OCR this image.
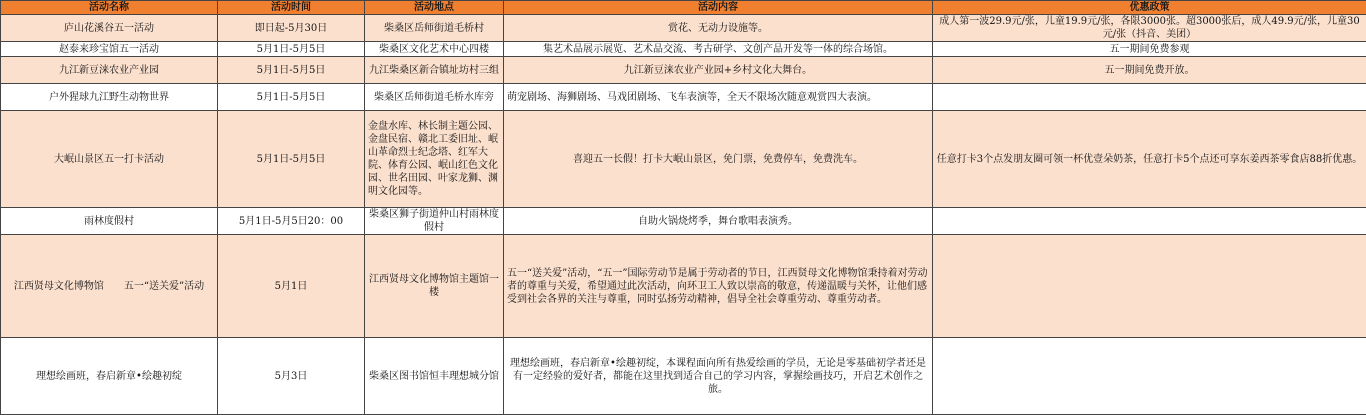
活动名称	活动时间	活动地点	活动内容	优惠政策
庐山花溪谷五一活动	即日起-5月30日	柴桑区岳师街道毛桥村	赏花、无动力设施等。	成人第一波29.9元/张，儿童19.9元/张，各限3000张。超3000张后，成人49.9元/张，儿童30元/张（抖音、美团）
赵泰来珍宝馆五一活动	5月1日-5月5日	柴桑区文化艺术中心四楼	集艺术品展示展览、艺术品交流、考古研学、文创产品开发等一体的综合场馆。	五一期间免费参观
九江新豆涞农业产业园	5月1日-5月5日	九江柴桑区新合镇址坊村三组	九江新豆涞农业产业园+乡村文化大舞台。	五一期间免费开放。
户外猩球九江野生动物世界	5月1日-5月5日	柴桑区岳师街道毛桥水库旁	萌宠剧场、海狮剧场、马戏团剧场、飞车表演等，全天不限场次随意观赏四大表演。	
大岷山景区五一打卡活动	5月1日-5月5日	金盘水库、林长制主题公园、金盘民宿、赣北工委旧址、岷山革命烈士纪念塔、红军大院、体育公园、岷山红色文化园、世名田园、叶家龙狮、渊明文化园等。	喜迎五一长假！打卡大岷山景区，免门票，免费停车，免费洗车。	任意打卡3个点发朋友圈可领一杯优壹朵奶茶，任意打卡5个点还可享东姜西茶零食店88折优惠。
雨林度假村	5月1日-5月5日20：00	柴桑区狮子街道仲山村雨林度假村	自助火锅烧烤季，舞台歌唱表演秀。	
江西贤母文化博物馆　　五一“送关爱”活动	5月1日	江西贤母文化博物馆主题馆一楼	五一“送关爱”活动，“五一”国际劳动节是属于劳动者的节日，江西贤母文化博物馆秉持着对劳动者的尊重与关爱，希望通过此次活动，向环卫工人致以崇高的敬意，传递温暖与关怀，让他们感受到社会各界的关注与尊重，同时弘扬劳动精神，倡导全社会尊重劳动、尊重劳动者。	
理想绘画班，春启新章•绘趣初绽	5月3日	柴桑区图书馆恒丰理想城分馆	理想绘画班，春启新章•绘趣初绽，本课程面向所有热爱绘画的学员，无论是零基础初学者还是有一定经验的爱好者，都能在这里找到适合自己的学习内容，掌握绘画技巧，开启艺术创作之旅。	
